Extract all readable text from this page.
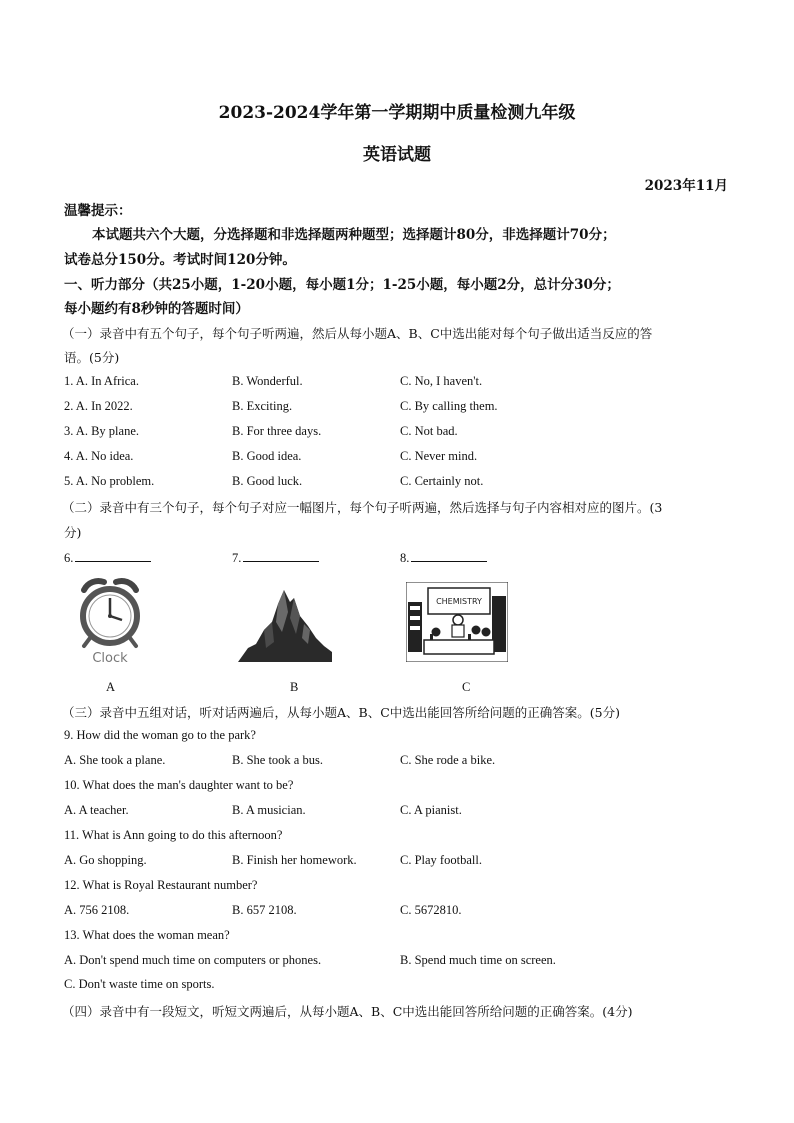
2023-2024学年第一学期期中质量检测九年级
英语试题
2023年11月
温馨提示：
本试题共六个大题，分选择题和非选择题两种题型；选择题计80分，非选择题计70分；
试卷总分150分。考试时间120分钟。
一、听力部分（共25小题，1-20小题，每小题1分；1-25小题，每小题2分，总计分30分；
每小题约有8秒钟的答题时间）
（一）录音中有五个句子，每个句子听两遍，然后从每小题A、B、C中选出能对每个句子做出适当反应的答
语。(5分)
1. A. In Africa.	B. Wonderful.	C. No, I haven't.
2. A. In 2022.	B. Exciting.	C. By calling them.
3. A. By plane.	B. For three days.	C. Not bad.
4. A. No idea.	B. Good idea.	C. Never mind.
5. A. No problem.	B. Good luck.	C. Certainly not.
（二）录音中有三个句子，每个句子对应一幅图片，每个句子听两遍，然后选择与句子内容相对应的图片。(3
分)
6.	7.	8.
Clock
CHEMISTRY
A	B	C
（三）录音中五组对话，听对话两遍后，从每小题A、B、C中选出能回答所给问题的正确答案。(5分)
9. How did the woman go to the park?
A. She took a plane.	B. She took a bus.	C. She rode a bike.
10. What does the man's daughter want to be?
A. A teacher.	B. A musician.	C. A pianist.
11. What is Ann going to do this afternoon?
A. Go shopping.	B. Finish her homework.	C. Play football.
12. What is Royal Restaurant number?
A. 756 2108.	B. 657 2108.	C. 5672810.
13. What does the woman mean?
A. Don't spend much time on computers or phones.	B. Spend much time on screen.
C. Don't waste time on sports.
（四）录音中有一段短文，听短文两遍后，从每小题A、B、C中选出能回答所给问题的正确答案。(4分)
